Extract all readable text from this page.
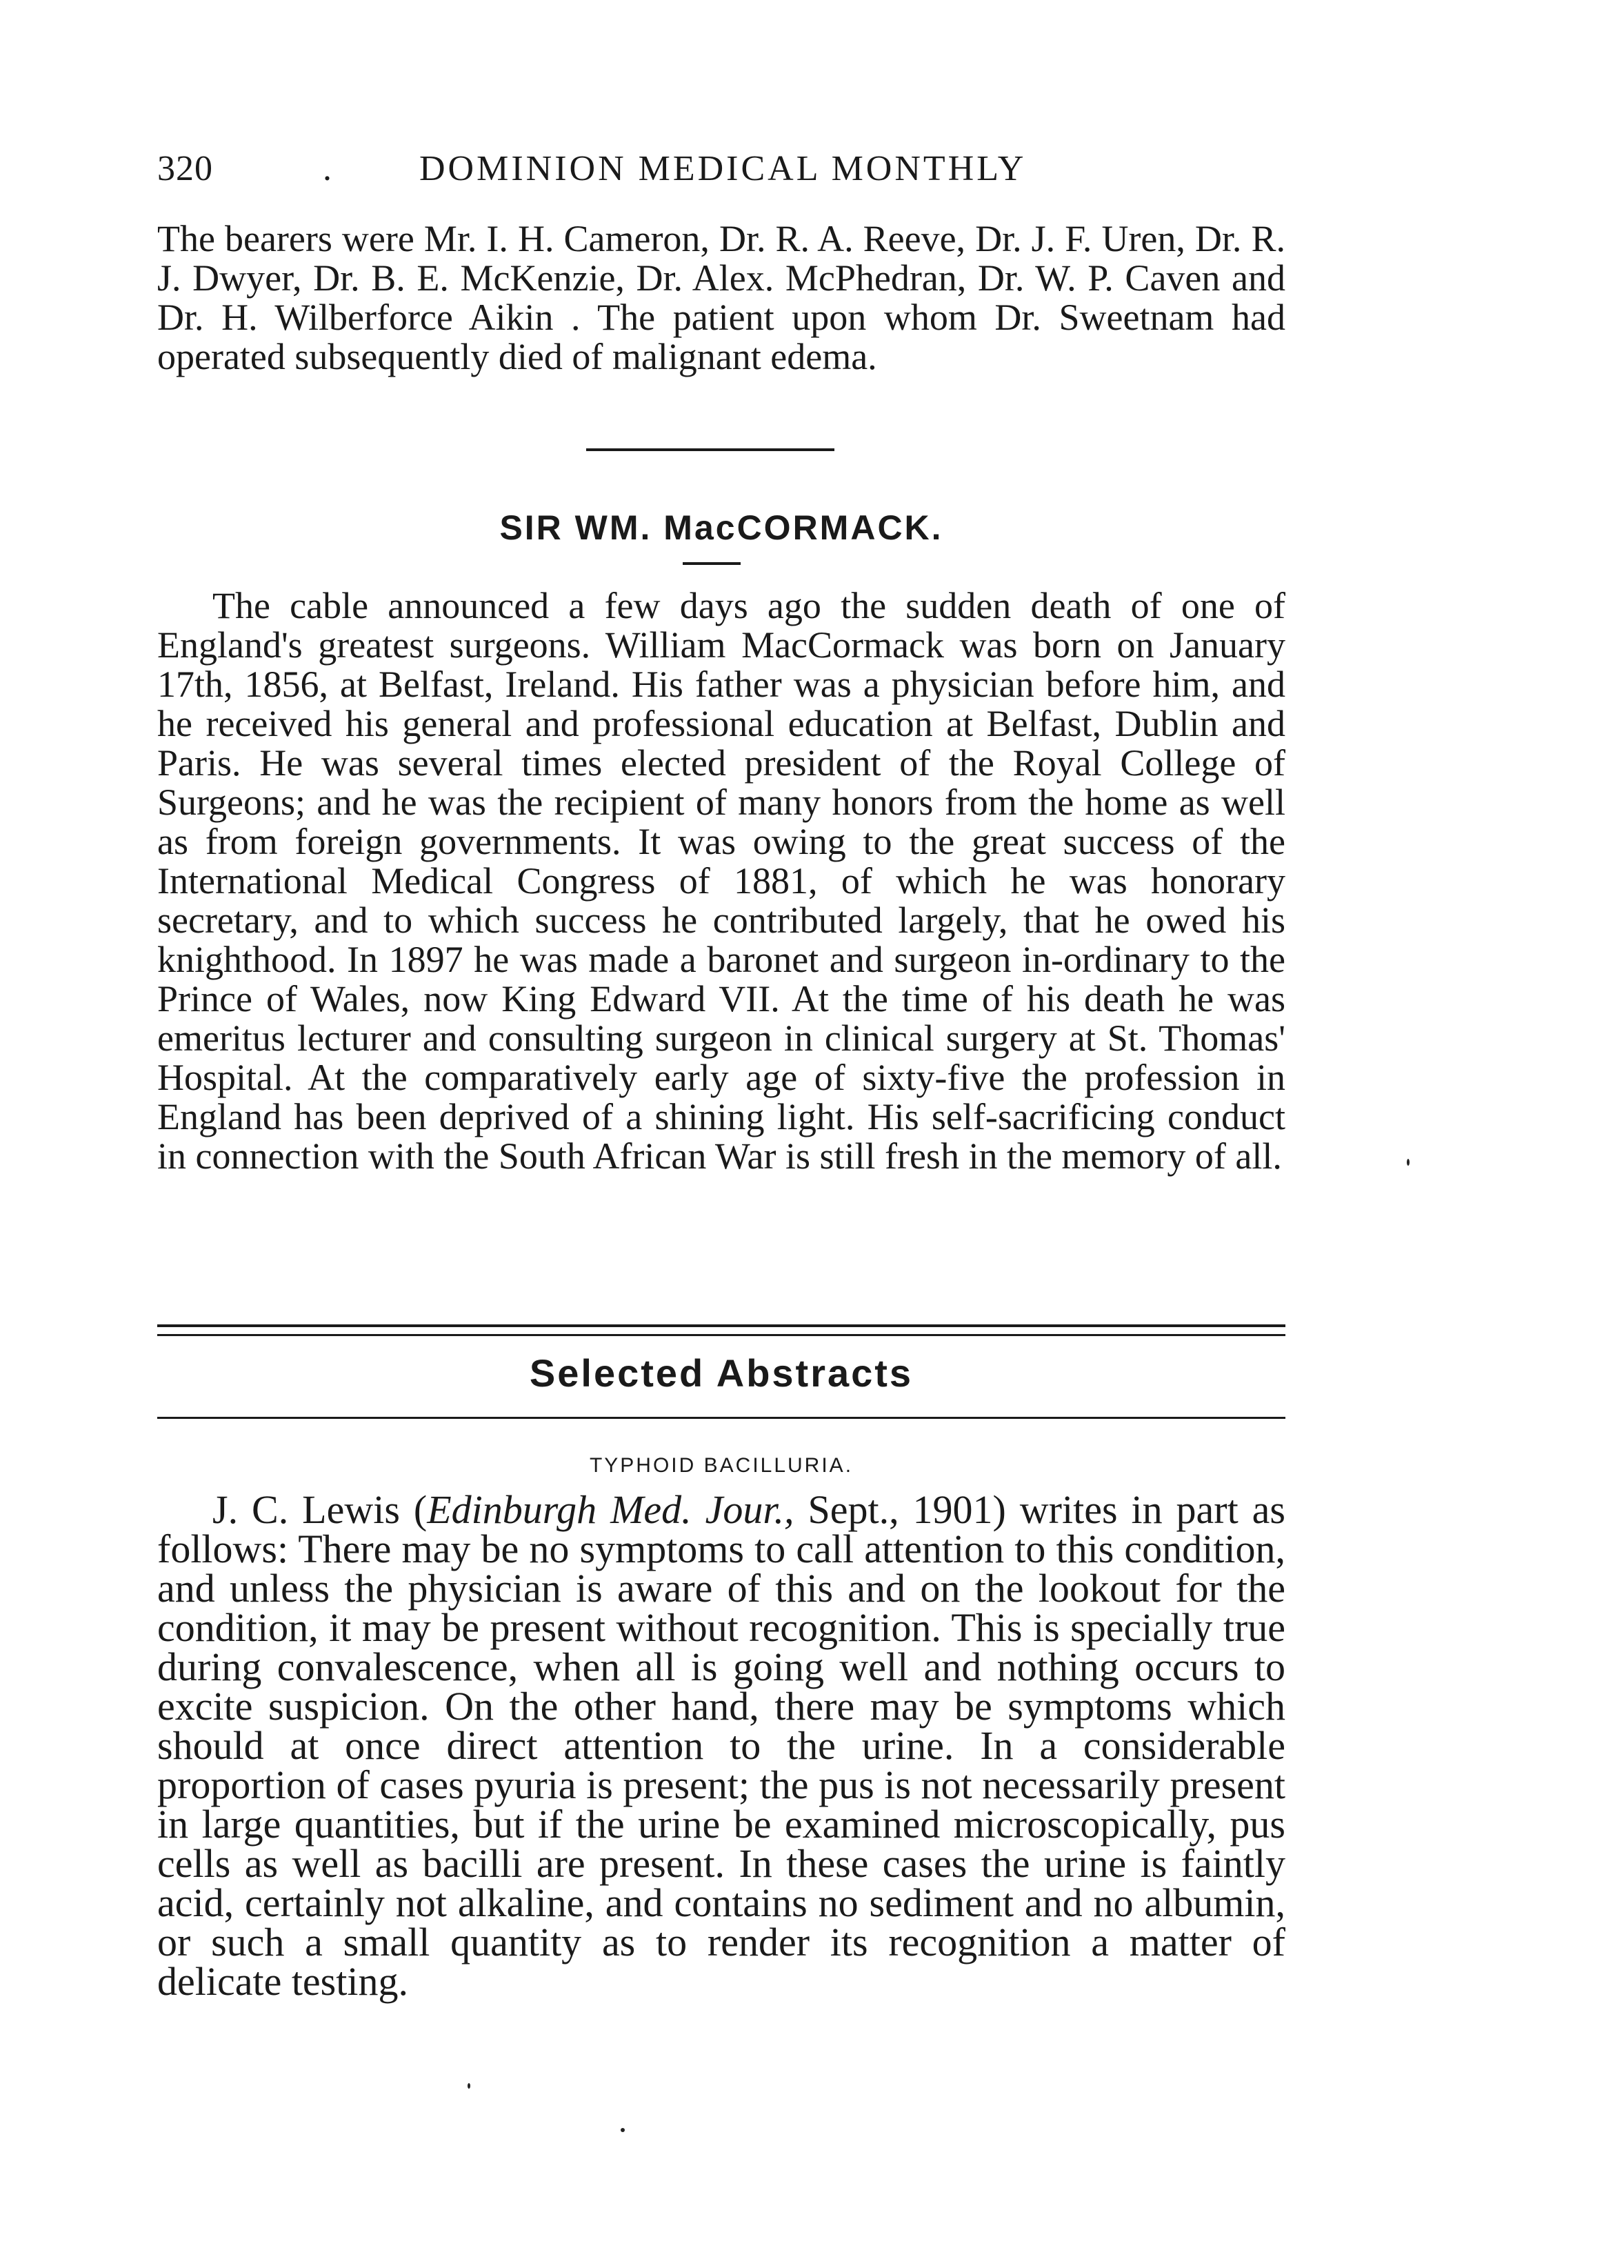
320	. DOMINION MEDICAL MONTHLY

The bearers were Mr. I. H. Cameron, Dr. R. A. Reeve, Dr. J. F. Uren, Dr. R. J. Dwyer, Dr. B. E. McKenzie, Dr. Alex. McPhedran, Dr. W. P. Caven and Dr. H. Wilberforce Aikin . The patient upon whom Dr. Sweetnam had operated subsequently died of malignant edema.

SIR WM. MacCORMACK.

The cable announced a few days ago the sudden death of one of England's greatest surgeons. William MacCormack was born on January 17th, 1856, at Belfast, Ireland. His father was a physician before him, and he received his general and professional education at Belfast, Dublin and Paris. He was several times elected president of the Royal College of Surgeons; and he was the recipient of many honors from the home as well as from foreign governments. It was owing to the great success of the International Medical Congress of 1881, of which he was honorary secretary, and to which success he contributed largely, that he owed his knighthood. In 1897 he was made a baronet and surgeon in-ordinary to the Prince of Wales, now King Edward VII. At the time of his death he was emeritus lecturer and consulting surgeon in clinical surgery at St. Thomas' Hospital. At the comparatively early age of sixty-five the profession in England has been deprived of a shining light. His self-sacrificing conduct in connection with the South African War is still fresh in the memory of all.

Selected Abstracts
TYPHOID BACILLURIA.

J. C. Lewis (Edinburgh Med. Jour., Sept., 1901) writes in part as follows: There may be no symptoms to call attention to this condition, and unless the physician is aware of this and on the lookout for the condition, it may be present without recognition. This is specially true during convalescence, when all is going well and nothing occurs to excite suspicion. On the other hand, there may be symptoms which should at once direct attention to the urine. In a considerable proportion of cases pyuria is present; the pus is not necessarily present in large quantities, but if the urine be examined microscopically, pus cells as well as bacilli are present. In these cases the urine is faintly acid, certainly not alkaline, and contains no sediment and no albumin, or such a small quantity as to render its recognition a matter of delicate testing.
